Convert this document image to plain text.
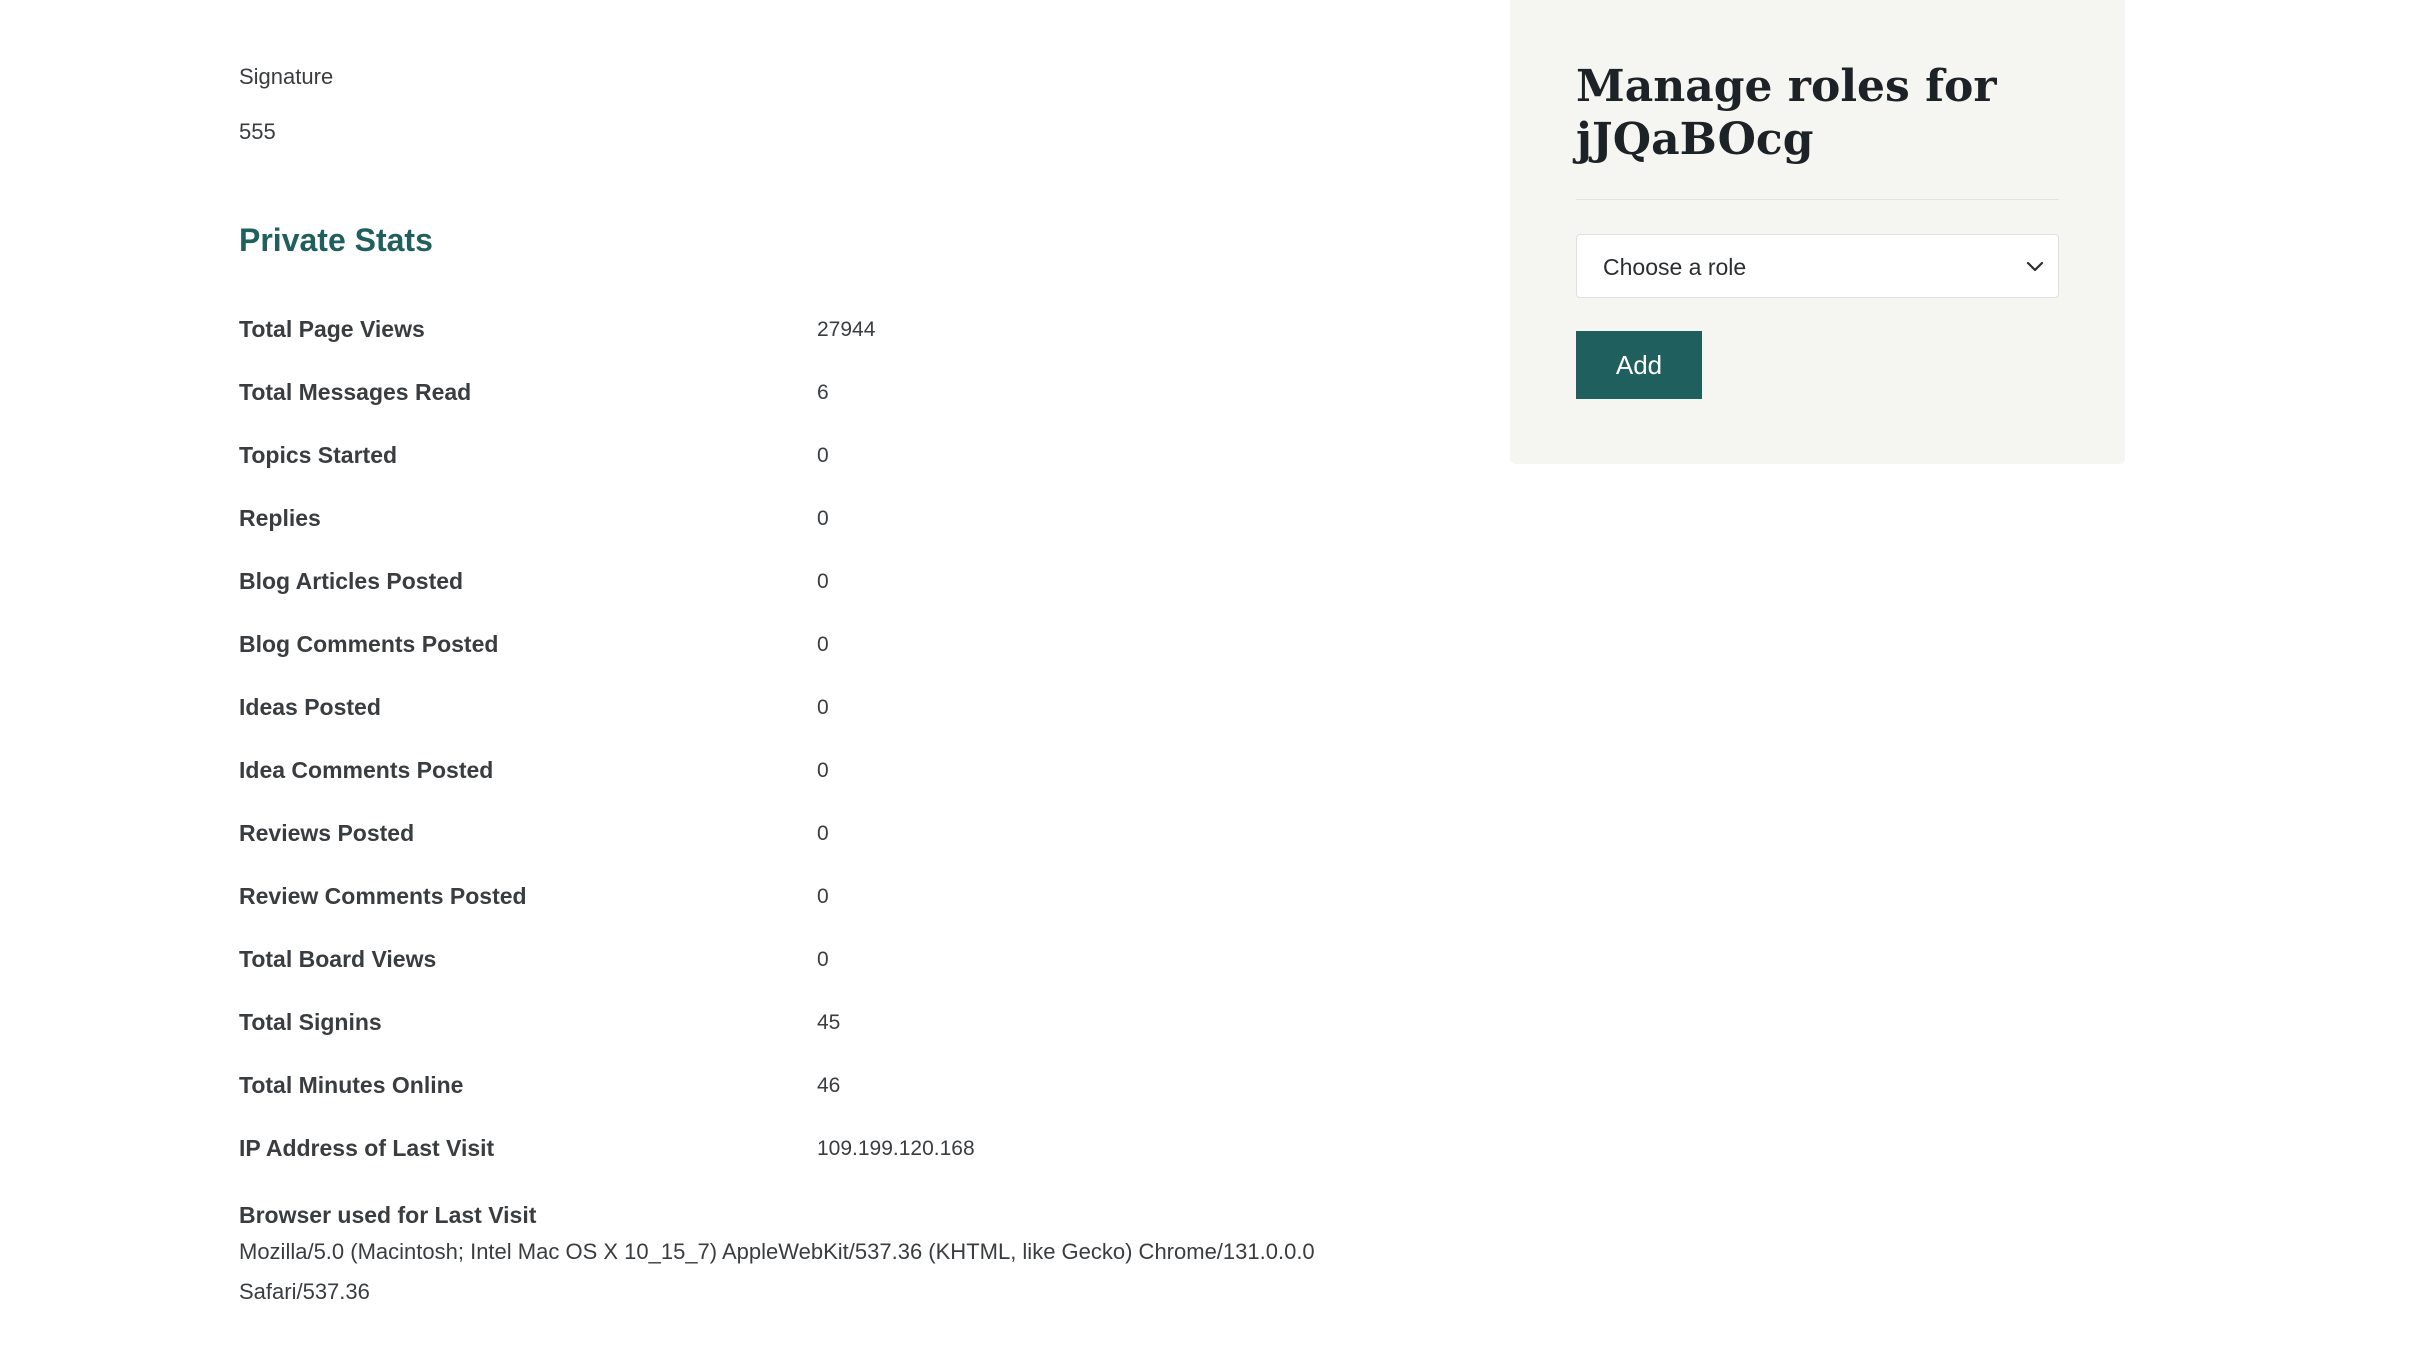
Signature
555
Private Stats
Total Page Views	27944
Total Messages Read	6
Topics Started	0
Replies	0
Blog Articles Posted	0
Blog Comments Posted	0
Ideas Posted	0
Idea Comments Posted	0
Reviews Posted	0
Review Comments Posted	0
Total Board Views	0
Total Signins	45
Total Minutes Online	46
IP Address of Last Visit	109.199.120.168
Browser used for Last Visit
Mozilla/5.0 (Macintosh; Intel Mac OS X 10_15_7) AppleWebKit/537.36 (KHTML, like Gecko) Chrome/131.0.0.0 Safari/537.36
Manage roles for jJQaBOcg
Choose a role
Add
